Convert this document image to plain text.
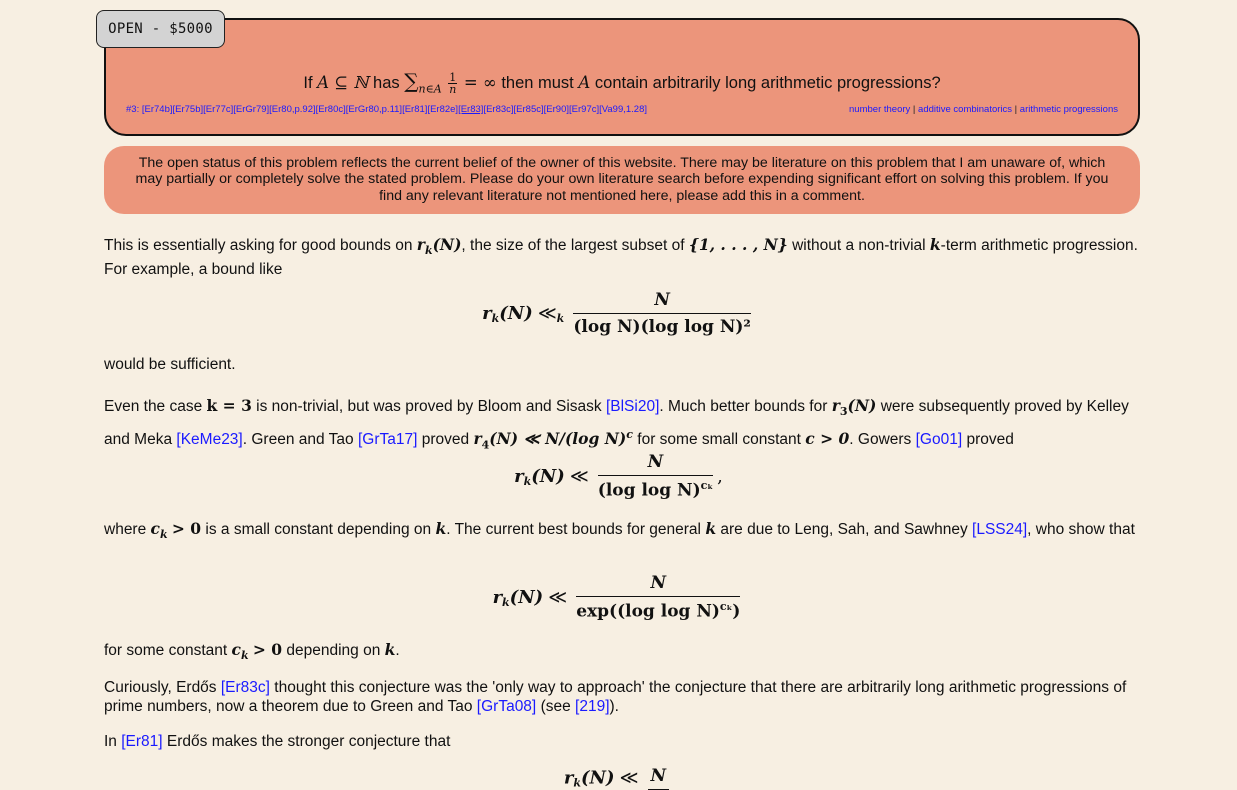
OPEN - $5000
If A ⊆ ℕ has $\sum_{n\in A} \frac{1}{n}$ = ∞ then must A contain arbitrarily long arithmetic progressions?
#3: [Er74b][Er75b][Er77c][ErGr79][Er80,p.92][Er80c][ErGr80,p.11][Er81][Er82e][Er83][Er83c][Er85c][Er90][Er97c][Va99,1.28]	number theory | additive combinatorics | arithmetic progressions
The open status of this problem reflects the current belief of the owner of this website. There may be literature on this problem that I am unaware of, which may partially or completely solve the stated problem. Please do your own literature search before expending significant effort on solving this problem. If you find any relevant literature not mentioned here, please add this in a comment.
This is essentially asking for good bounds on $r_k(N)$, the size of the largest subset of {1, . . . , N} without a non-trivial k-term arithmetic progression. For example, a bound like
$r_k(N)$ $≪_k \frac{N}{\text{(log N)(log log N)²}}$
would be sufficient.
Even the case k = 3 is non-trivial, but was proved by Bloom and Sisask [BlSi20]. Much better bounds for $r_3(N)$ were subsequently proved by Kelley and Meka [KeMe23]. Green and Tao [GrTa17] proved $r_4(N)$ ≪ N/(log N)$^c$ for some small constant c > 0. Gowers [Go01] proved
$r_k(N)$ ≪ $\frac{N}{(\log \log N)^{c_k}}$ ,
where $c_k > 0$ is a small constant depending on k. The current best bounds for general k are due to Leng, Sah, and Sawhney [LSS24], who show that
$r_k(N)$ ≪ $\frac{N}{\exp((\log \log N)^{c_k})}$
for some constant $c_k > 0$ depending on k.
Curiously, Erdős [Er83c] thought this conjecture was the 'only way to approach' the conjecture that there are arbitrarily long arithmetic progressions of prime numbers, now a theorem due to Green and Tao [GrTa08] (see [219]).
In [Er81] Erdős makes the stronger conjecture that
$r_k(N)$ ≪ N
